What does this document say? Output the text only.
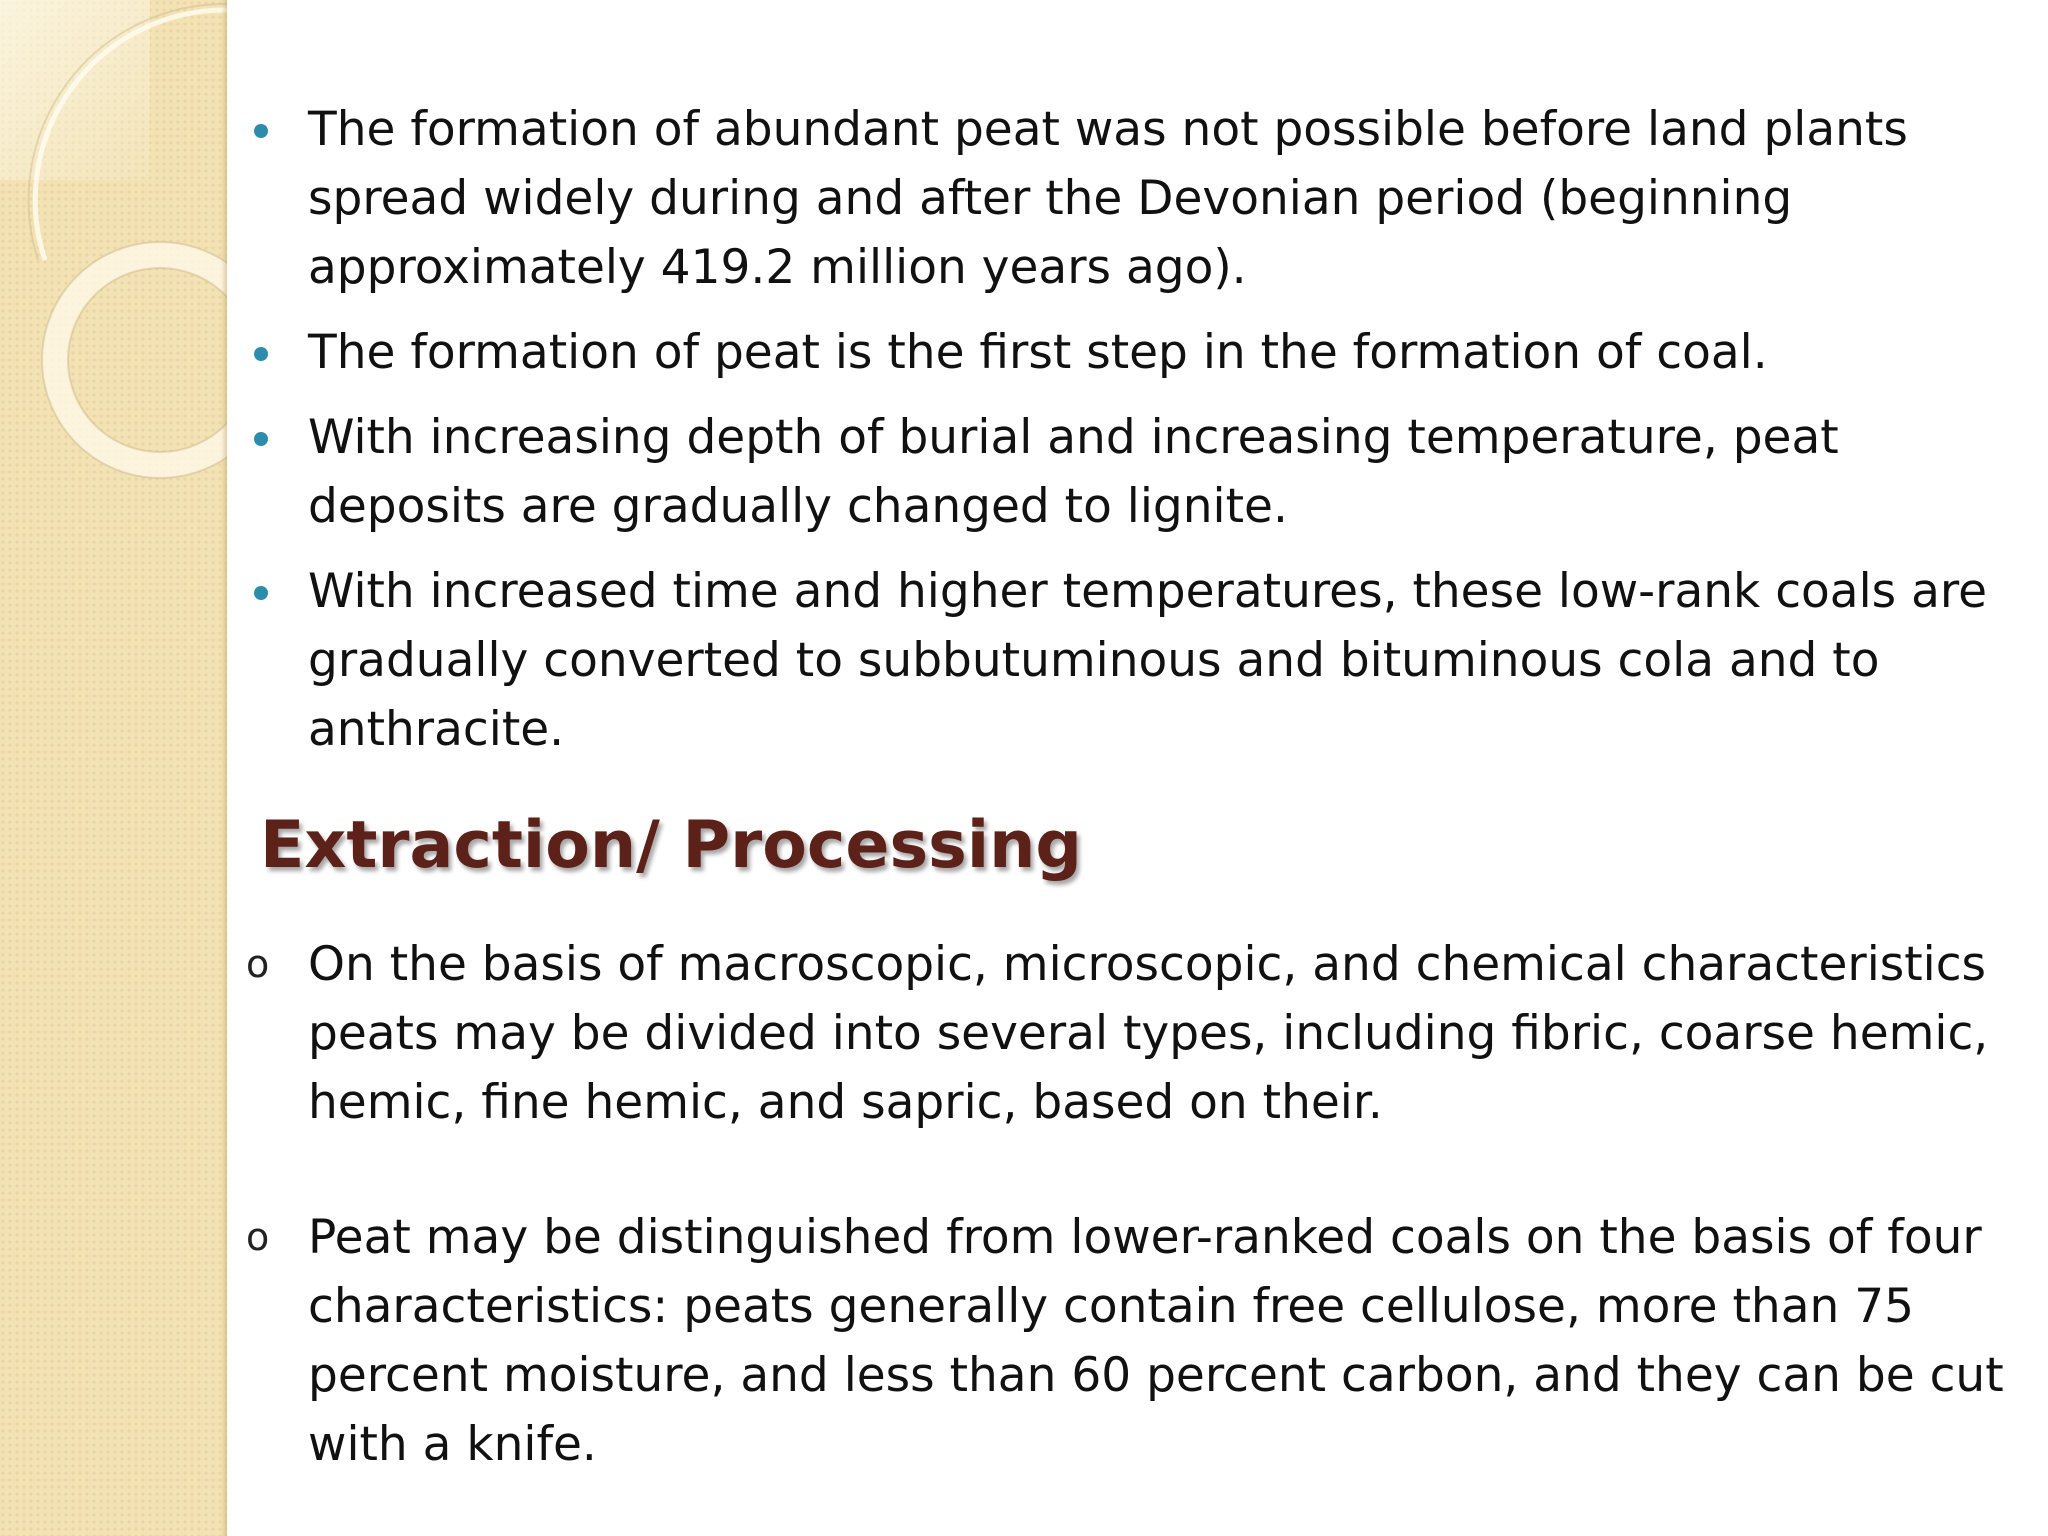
The formation of abundant peat was not possible before land plants spread widely during and after the Devonian period (beginning approximately 419.2 million years ago).
The formation of peat is the first step in the formation of coal.
With increasing depth of burial and increasing temperature, peat deposits are gradually changed to lignite.
With increased time and higher temperatures, these low-rank coals are gradually converted to subbutuminous and bituminous cola and to anthracite.
Extraction/ Processing
o On the basis of macroscopic, microscopic, and chemical characteristics peats may be divided into several types, including fibric, coarse hemic, hemic, fine hemic, and sapric, based on their.
o Peat may be distinguished from lower-ranked coals on the basis of four characteristics: peats generally contain free cellulose, more than 75 percent moisture, and less than 60 percent carbon, and they can be cut with a knife.
